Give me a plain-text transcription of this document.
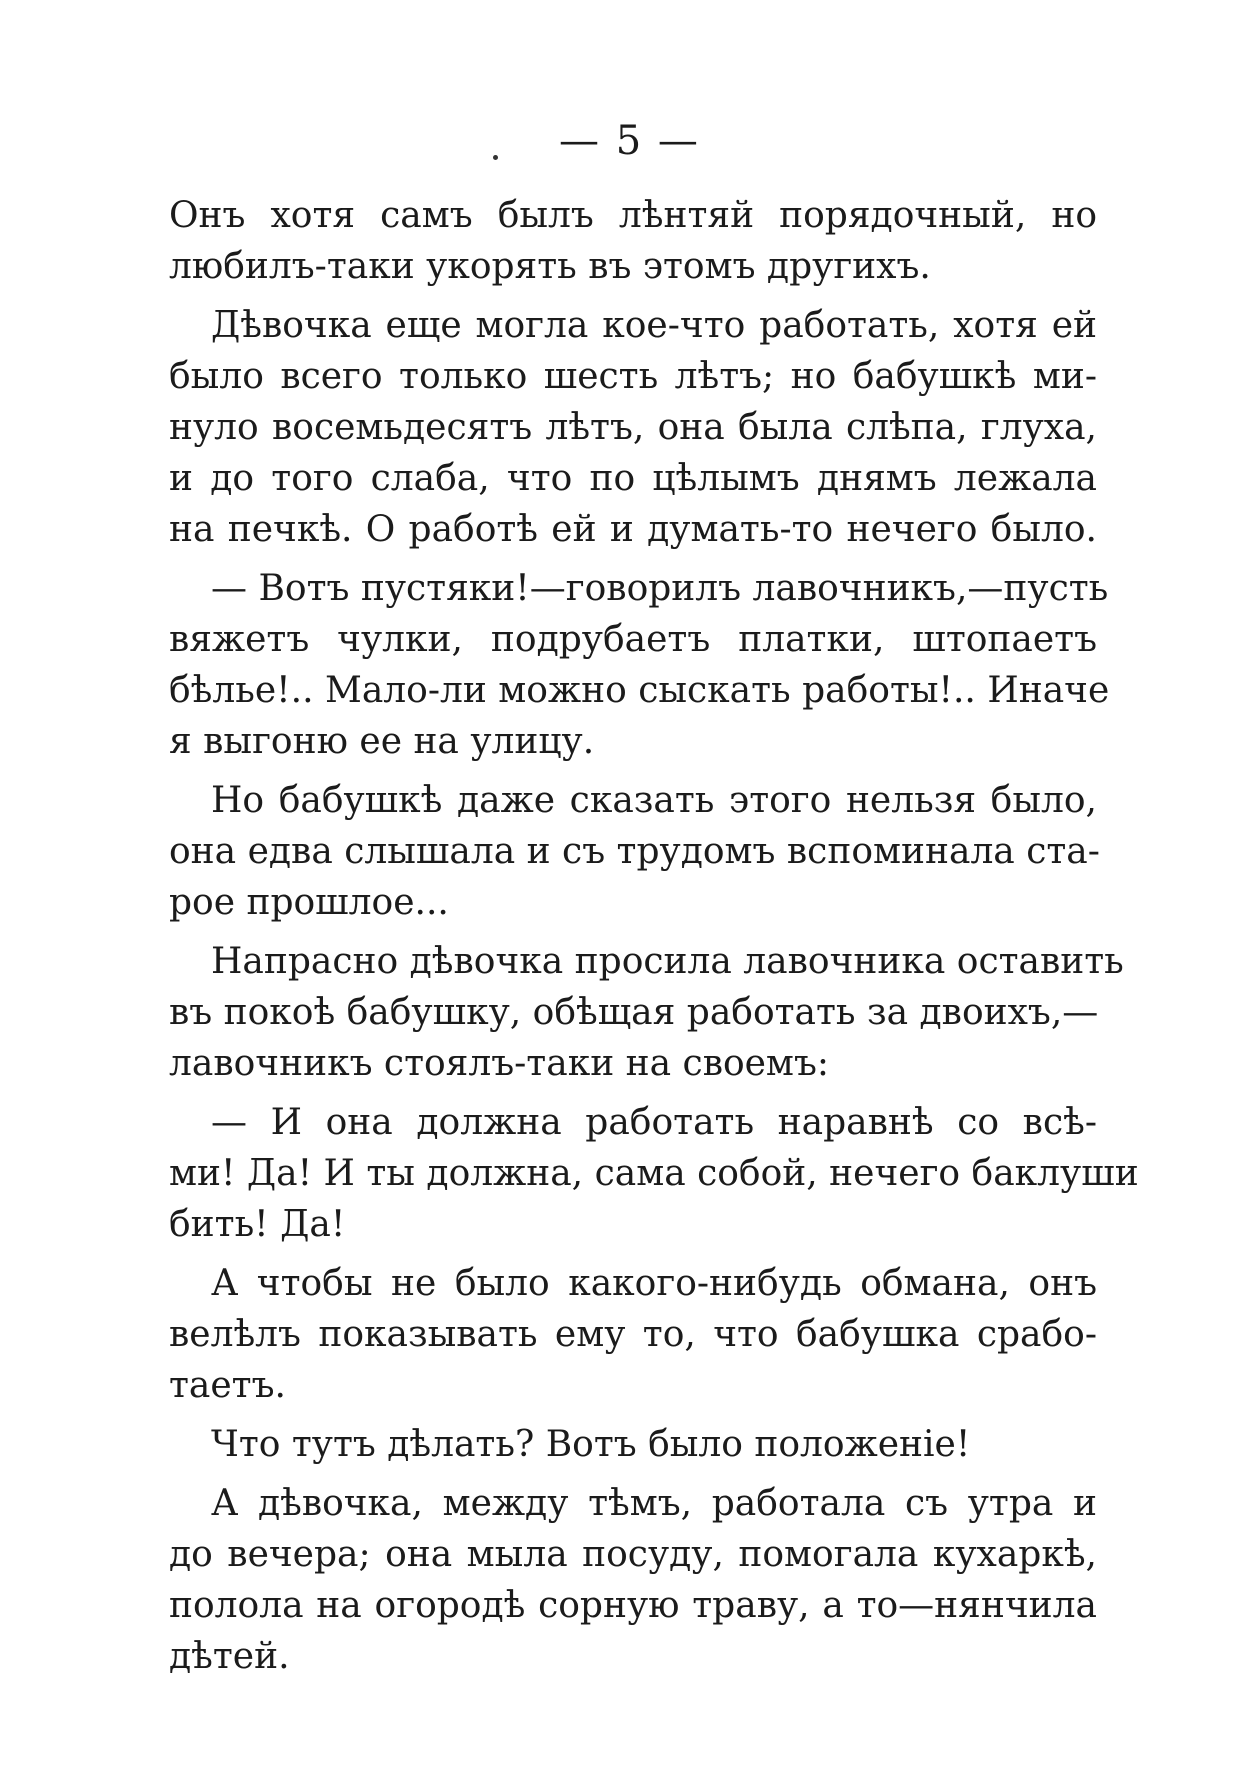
— 5 —
Онъ хотя самъ былъ лѣнтяй порядочный, но
любилъ-таки укорять въ этомъ другихъ.
Дѣвочка еще могла кое-что работать, хотя ей
было всего только шесть лѣтъ; но бабушкѣ ми-
нуло восемьдесятъ лѣтъ, она была слѣпа, глуха,
и до того слаба, что по цѣлымъ днямъ лежала
на печкѣ. О работѣ ей и думать-то нечего было.
— Вотъ пустяки!—говорилъ лавочникъ,—пусть
вяжетъ чулки, подрубаетъ платки, штопаетъ
бѣлье!.. Мало-ли можно сыскать работы!.. Иначе
я выгоню ее на улицу.
Но бабушкѣ даже сказать этого нельзя было,
она едва слышала и съ трудомъ вспоминала ста-
рое прошлое...
Напрасно дѣвочка просила лавочника оставить
въ покоѣ бабушку, обѣщая работать за двоихъ,—
лавочникъ стоялъ-таки на своемъ:
— И она должна работать наравнѣ со всѣ-
ми! Да! И ты должна, сама собой, нечего баклуши
бить! Да!
А чтобы не было какого-нибудь обмана, онъ
велѣлъ показывать ему то, что бабушка срабо-
таетъ.
Что тутъ дѣлать? Вотъ было положеніе!
А дѣвочка, между тѣмъ, работала съ утра и
до вечера; она мыла посуду, помогала кухаркѣ,
полола на огородѣ сорную траву, а то—нянчила
дѣтей.
